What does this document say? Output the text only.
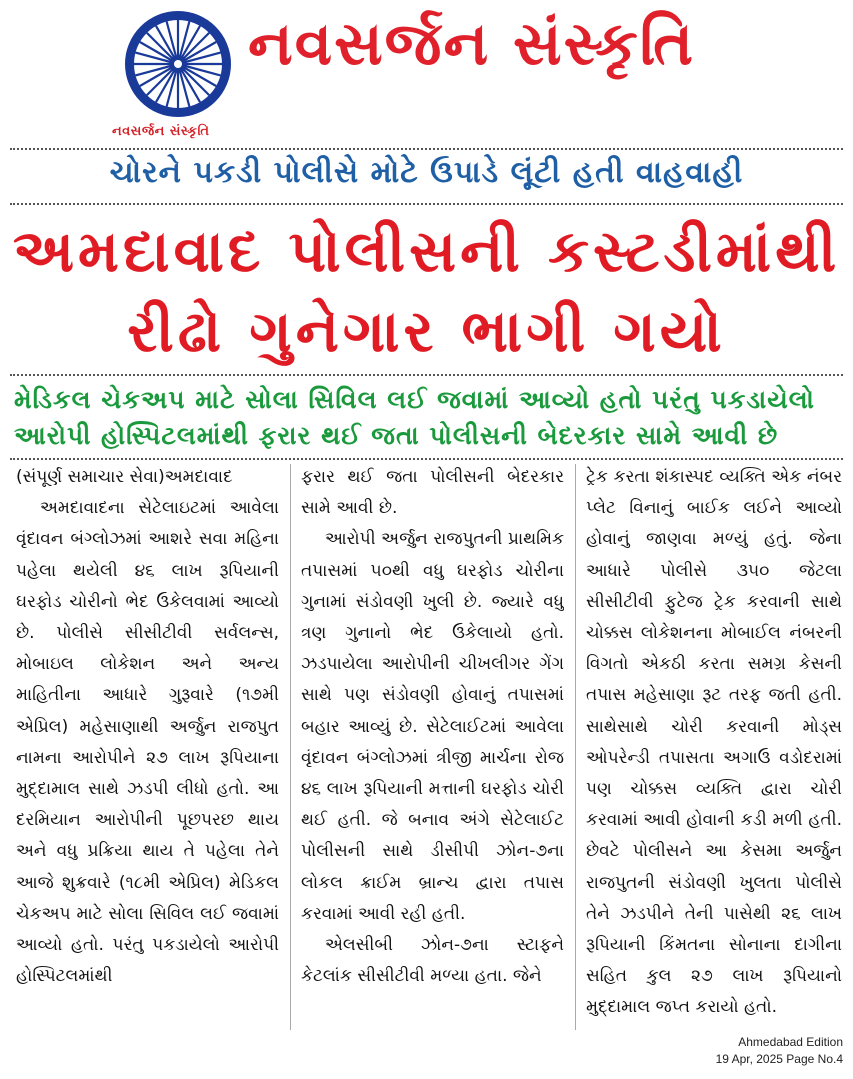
નવસર્જન સંસ્કૃતિ
નવસર્જન સંસ્કૃતિ
ચોરને પકડી પોલીસે મોટે ઉપાડે લૂંટી હતી વાહવાહી
અમદાવાદ પોલીસની કસ્ટડીમાંથી
રીઢો ગુનેગાર ભાગી ગયો
મેડિકલ ચેકઅપ માટે સોલા સિવિલ લઈ જવામાં આવ્યો હતો પરંતુ પકડાયેલો
આરોપી હોસ્પિટલમાંથી ફરાર થઈ જતા પોલીસની બેદરકાર સામે આવી છે

(સંપૂર્ણ સમાચાર સેવા)અમદાવાદ

અમદાવાદના સેટેલાઇટમાં આવેલા વૃંદાવન બંગ્લોઝમાં આશરે સવા મહિના પહેલા થયેલી ૪૬ લાખ રૂપિયાની ઘરફોડ ચોરીનો ભેદ ઉકેલવામાં આવ્યો છે. પોલીસે સીસીટીવી સર્વલન્સ, મોબાઇલ લોકેશન અને અન્ય માહિતીના આધારે ગુરૂવારે (૧૭મી એપ્રિલ) મહેસાણાથી અર્જુન રાજપુત નામના આરોપીને ૨૭ લાખ રૂપિયાના મુદ્દામાલ સાથે ઝડપી લીધો હતો. આ દરમિયાન આરોપીની પૂછપરછ થાય અને વધુ પ્રક્રિયા થાય તે પહેલા તેને આજે શુક્રવારે (૧૮મી એપ્રિલ) મેડિકલ ચેકઅપ માટે સોલા સિવિલ લઈ જવામાં આવ્યો હતો. પરંતુ પકડાયેલો આરોપી હોસ્પિટલમાંથી

ફરાર થઈ જતા પોલીસની બેદરકાર સામે આવી છે.

આરોપી અર્જુન રાજપુતની પ્રાથમિક તપાસમાં ૫૦થી વધુ ઘરફોડ ચોરીના ગુનામાં સંડોવણી ખુલી છે. જ્યારે વધુ ત્રણ ગુનાનો ભેદ ઉકેલાયો હતો. ઝડપાયેલા આરોપીની ચીખલીગર ગેંગ સાથે પણ સંડોવણી હોવાનું તપાસમાં બહાર આવ્યું છે. સેટેલાઈટમાં આવેલા વૃંદાવન બંગ્લોઝમાં ત્રીજી માર્ચના રોજ ૪૬ લાખ રૂપિયાની મત્તાની ઘરફોડ ચોરી થઈ હતી. જે બનાવ અંગે સેટેલાઈટ પોલીસની સાથે ડીસીપી ઝોન-૭ના લોકલ ક્રાઈમ બ્રાન્ચ દ્વારા તપાસ કરવામાં આવી રહી હતી.

એલસીબી ઝોન-૭ના સ્ટાફને કેટલાંક સીસીટીવી મળ્યા હતા. જેને

ટ્રેક કરતા શંકાસ્પદ વ્યક્તિ એક નંબર પ્લેટ વિનાનું બાઈક લઈને આવ્યો હોવાનું જાણવા મળ્યું હતું. જેના આધારે પોલીસે ૩૫૦ જેટલા સીસીટીવી ફુટેજ ટ્રેક કરવાની સાથે ચોક્કસ લોકેશનના મોબાઈલ નંબરની વિગતો એકઠી કરતા સમગ્ર કેસની તપાસ મહેસાણા રૂટ તરફ જતી હતી. સાથેસાથે ચોરી કરવાની મોડ્સ ઓપરેન્ડી તપાસતા અગાઉ વડોદરામાં પણ ચોક્કસ વ્યક્તિ દ્વારા ચોરી કરવામાં આવી હોવાની કડી મળી હતી. છેવટે પોલીસને આ કેસમા અર્જુન રાજપુતની સંડોવણી ખુલતા પોલીસે તેને ઝડપીને તેની પાસેથી ૨૬ લાખ રૂપિયાની કિંમતના સોનાના દાગીના સહિત કુલ ૨૭ લાખ રૂપિયાનો મુદ્દામાલ જપ્ત કરાયો હતો.

Ahmedabad Edition
19 Apr, 2025 Page No.4
